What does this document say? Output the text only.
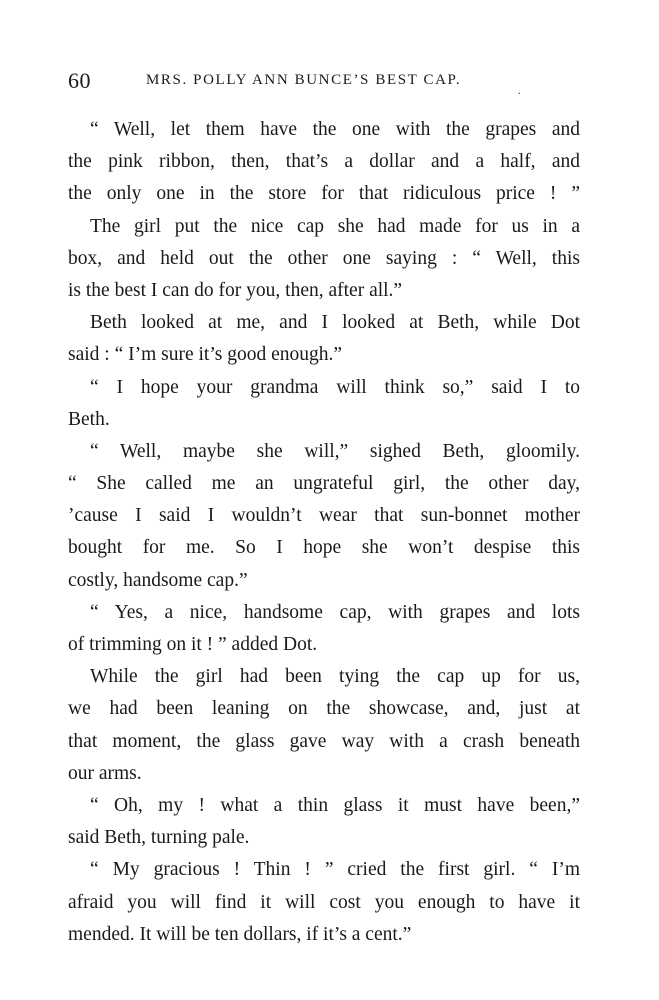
60	MRS. POLLY ANN BUNCE’S BEST CAP.
.
“ Well, let them have the one with the grapes and
the pink ribbon, then, that’s a dollar and a half, and
the only one in the store for that ridiculous price ! ”
The girl put the nice cap she had made for us in a
box, and held out the other one saying : “ Well, this
is the best I can do for you, then, after all.”
Beth looked at me, and I looked at Beth, while Dot
said : “ I’m sure it’s good enough.”
“ I hope your grandma will think so,” said I to
Beth.
“ Well, maybe she will,” sighed Beth, gloomily.
“ She called me an ungrateful girl, the other day,
’cause I said I wouldn’t wear that sun-bonnet mother
bought for me. So I hope she won’t despise this
costly, handsome cap.”
“ Yes, a nice, handsome cap, with grapes and lots
of trimming on it ! ” added Dot.
While the girl had been tying the cap up for us,
we had been leaning on the showcase, and, just at
that moment, the glass gave way with a crash beneath
our arms.
“ Oh, my ! what a thin glass it must have been,”
said Beth, turning pale.
“ My gracious ! Thin ! ” cried the first girl. “ I’m
afraid you will find it will cost you enough to have it
mended. It will be ten dollars, if it’s a cent.”
